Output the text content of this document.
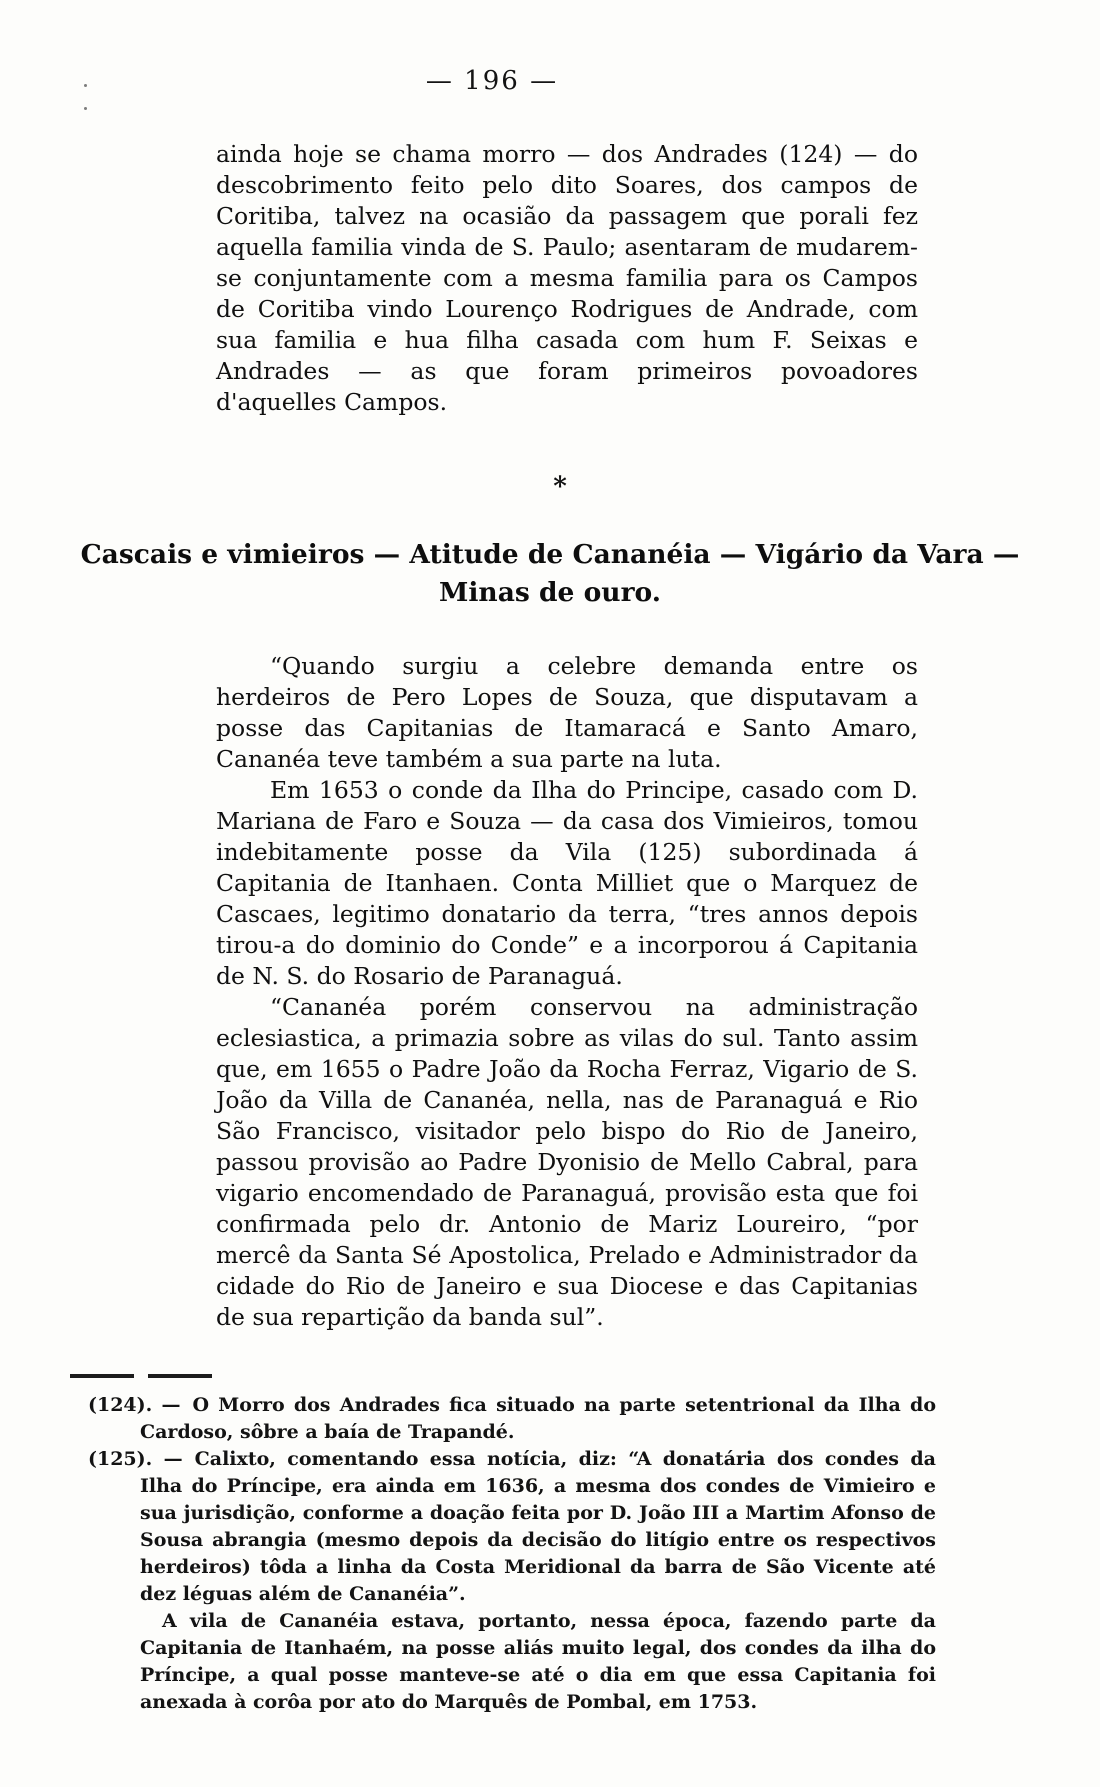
— 196 —

ainda hoje se chama morro — dos Andrades (124) — do descobrimento feito pelo dito Soares, dos campos de Coritiba, talvez na ocasião da passagem que porali fez aquella familia vinda de S. Paulo; asentaram de mudarem-se conjuntamente com a mesma familia para os Campos de Coritiba vindo Lourenço Rodrigues de Andrade, com sua familia e hua filha casada com hum F. Seixas e Andrades — as que foram primeiros povoadores d'aquelles Campos.

*
Cascais e vimieiros — Atitude de Cananéia — Vigário da Vara — Minas de ouro.

“Quando surgiu a celebre demanda entre os herdeiros de Pero Lopes de Souza, que disputavam a posse das Capitanias de Itamaracá e Santo Amaro, Cananéa teve também a sua parte na luta.

Em 1653 o conde da Ilha do Principe, casado com D. Mariana de Faro e Souza — da casa dos Vimieiros, tomou indebitamente posse da Vila (125) subordinada á Capitania de Itanhaen. Conta Milliet que o Marquez de Cascaes, legitimo donatario da terra, “tres annos depois tirou-a do dominio do Conde” e a incorporou á Capitania de N. S. do Rosario de Paranaguá.

“Cananéa porém conservou na administração eclesiastica, a primazia sobre as vilas do sul. Tanto assim que, em 1655 o Padre João da Rocha Ferraz, Vigario de S. João da Villa de Cananéa, nella, nas de Paranaguá e Rio São Francisco, visitador pelo bispo do Rio de Janeiro, passou provisão ao Padre Dyonisio de Mello Cabral, para vigario encomendado de Paranaguá, provisão esta que foi confirmada pelo dr. Antonio de Mariz Loureiro, “por mercê da Santa Sé Apostolica, Prelado e Administrador da cidade do Rio de Janeiro e sua Diocese e das Capitanias de sua repartição da banda sul”.

(124). — O Morro dos Andrades fica situado na parte setentrional da Ilha do Cardoso, sôbre a baía de Trapandé.

(125). — Calixto, comentando essa notícia, diz: “A donatária dos condes da Ilha do Príncipe, era ainda em 1636, a mesma dos condes de Vimieiro e sua jurisdição, conforme a doação feita por D. João III a Martim Afonso de Sousa abrangia (mesmo depois da decisão do litígio entre os respectivos herdeiros) tôda a linha da Costa Meridional da barra de São Vicente até dez léguas além de Cananéia”.

A vila de Cananéia estava, portanto, nessa época, fazendo parte da Capitania de Itanhaém, na posse aliás muito legal, dos condes da ilha do Príncipe, a qual posse manteve-se até o dia em que essa Capitania foi anexada à corôa por ato do Marquês de Pombal, em 1753.
